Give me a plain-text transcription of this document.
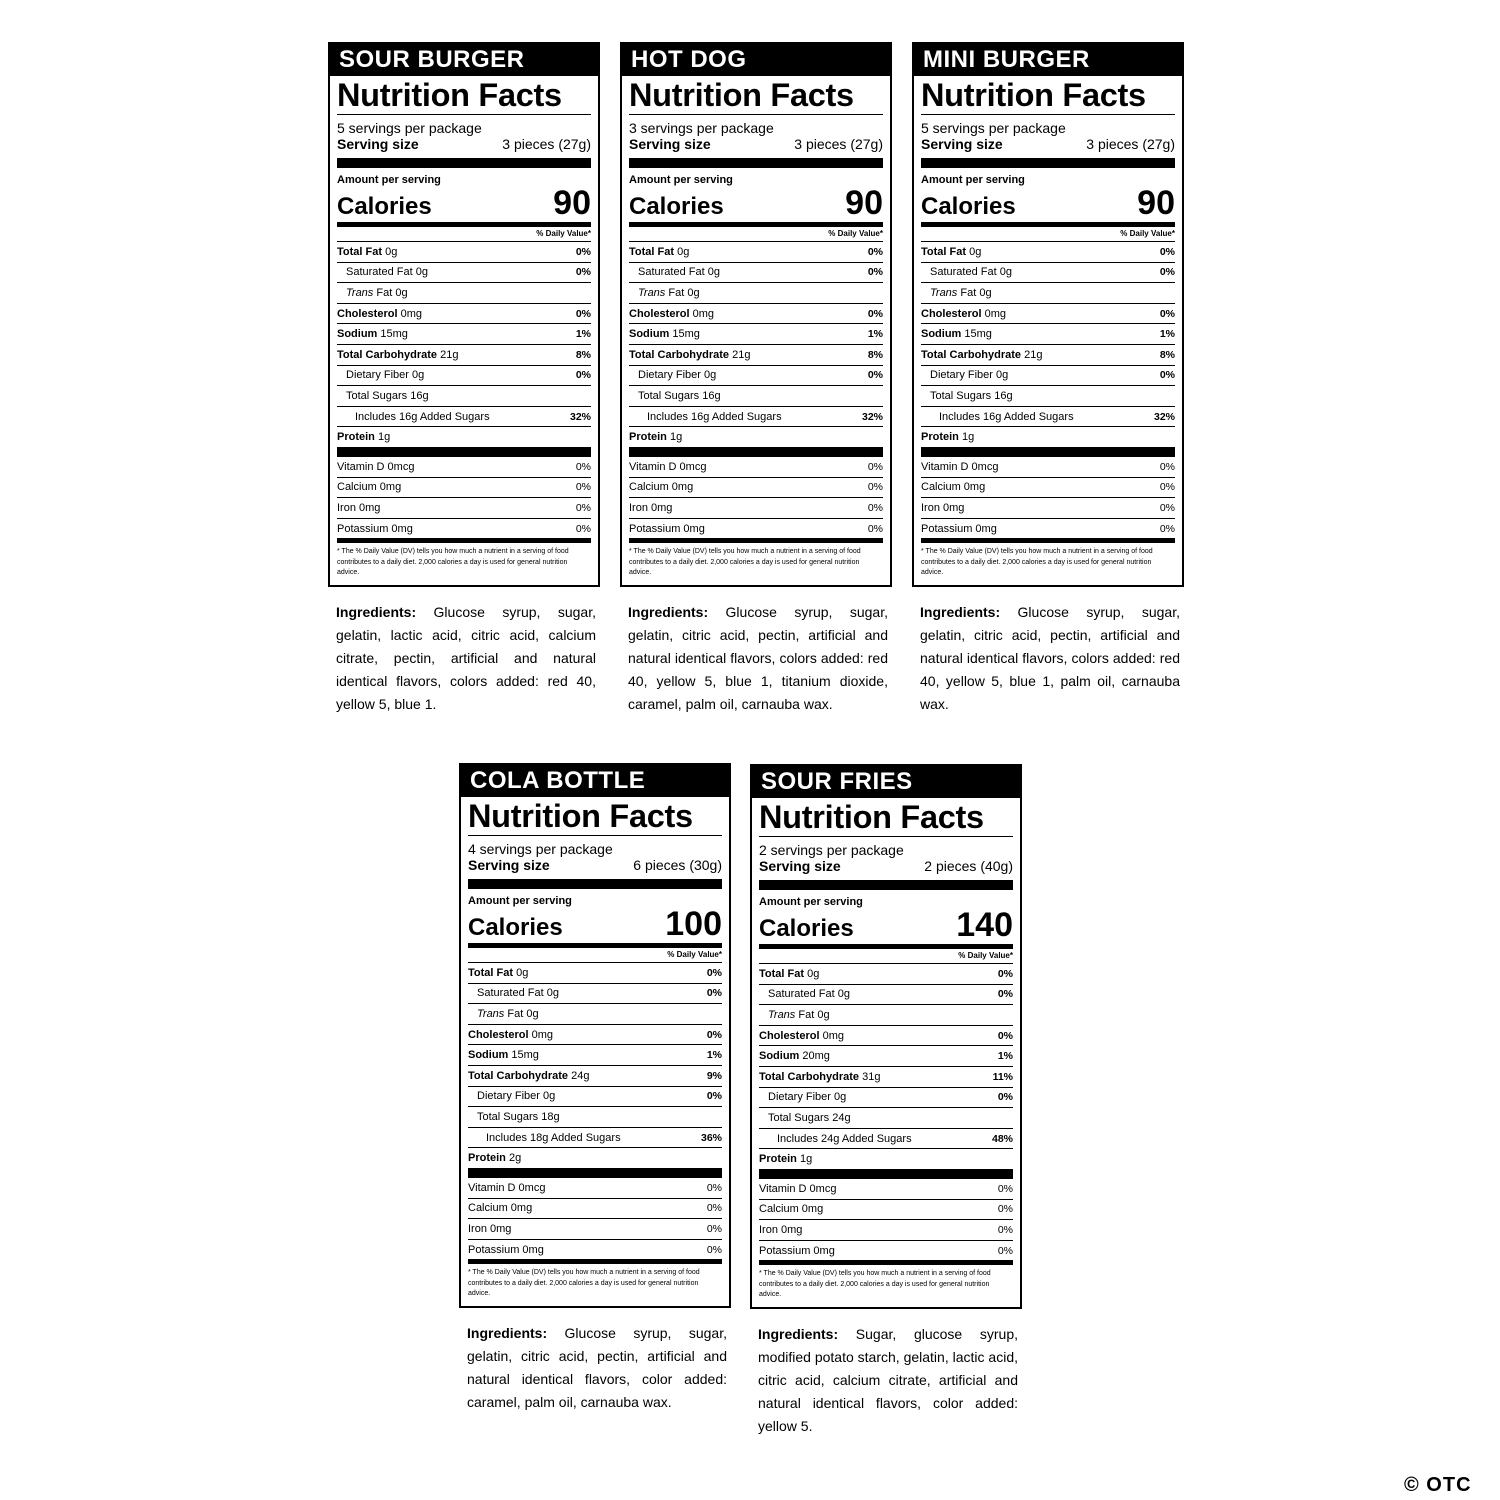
SOUR BURGER
Nutrition Facts
5 servings per package
Serving size	3 pieces (27g)
Amount per serving
Calories	90
% Daily Value*
Total Fat 0g	0%
Saturated Fat 0g	0%
Trans Fat 0g
Cholesterol 0mg	0%
Sodium 15mg	1%
Total Carbohydrate 21g	8%
Dietary Fiber 0g	0%
Total Sugars 16g
Includes 16g Added Sugars	32%
Protein 1g
Vitamin D 0mcg	0%
Calcium 0mg	0%
Iron 0mg	0%
Potassium 0mg	0%
* The % Daily Value (DV) tells you how much a nutrient in a serving of food contributes to a daily diet. 2,000 calories a day is used for general nutrition advice.
Ingredients: Glucose syrup, sugar, gelatin, lactic acid, citric acid, calcium citrate, pectin, artificial and natural identical flavors, colors added: red 40, yellow 5, blue 1.
HOT DOG
Nutrition Facts
3 servings per package
Serving size	3 pieces (27g)
Amount per serving
Calories	90
% Daily Value*
Total Fat 0g	0%
Saturated Fat 0g	0%
Trans Fat 0g
Cholesterol 0mg	0%
Sodium 15mg	1%
Total Carbohydrate 21g	8%
Dietary Fiber 0g	0%
Total Sugars 16g
Includes 16g Added Sugars	32%
Protein 1g
Vitamin D 0mcg	0%
Calcium 0mg	0%
Iron 0mg	0%
Potassium 0mg	0%
* The % Daily Value (DV) tells you how much a nutrient in a serving of food contributes to a daily diet. 2,000 calories a day is used for general nutrition advice.
Ingredients: Glucose syrup, sugar, gelatin, citric acid, pectin, artificial and natural identical flavors, colors added: red 40, yellow 5, blue 1, titanium dioxide, caramel, palm oil, carnauba wax.
MINI BURGER
Nutrition Facts
5 servings per package
Serving size	3 pieces (27g)
Amount per serving
Calories	90
% Daily Value*
Total Fat 0g	0%
Saturated Fat 0g	0%
Trans Fat 0g
Cholesterol 0mg	0%
Sodium 15mg	1%
Total Carbohydrate 21g	8%
Dietary Fiber 0g	0%
Total Sugars 16g
Includes 16g Added Sugars	32%
Protein 1g
Vitamin D 0mcg	0%
Calcium 0mg	0%
Iron 0mg	0%
Potassium 0mg	0%
* The % Daily Value (DV) tells you how much a nutrient in a serving of food contributes to a daily diet. 2,000 calories a day is used for general nutrition advice.
Ingredients: Glucose syrup, sugar, gelatin, citric acid, pectin, artificial and natural identical flavors, colors added: red 40, yellow 5, blue 1, palm oil, carnauba wax.
COLA BOTTLE
Nutrition Facts
4 servings per package
Serving size	6 pieces (30g)
Amount per serving
Calories	100
% Daily Value*
Total Fat 0g	0%
Saturated Fat 0g	0%
Trans Fat 0g
Cholesterol 0mg	0%
Sodium 15mg	1%
Total Carbohydrate 24g	9%
Dietary Fiber 0g	0%
Total Sugars 18g
Includes 18g Added Sugars	36%
Protein 2g
Vitamin D 0mcg	0%
Calcium 0mg	0%
Iron 0mg	0%
Potassium 0mg	0%
* The % Daily Value (DV) tells you how much a nutrient in a serving of food contributes to a daily diet. 2,000 calories a day is used for general nutrition advice.
Ingredients: Glucose syrup, sugar, gelatin, citric acid, pectin, artificial and natural identical flavors, color added: caramel, palm oil, carnauba wax.
SOUR FRIES
Nutrition Facts
2 servings per package
Serving size	2 pieces (40g)
Amount per serving
Calories	140
% Daily Value*
Total Fat 0g	0%
Saturated Fat 0g	0%
Trans Fat 0g
Cholesterol 0mg	0%
Sodium 20mg	1%
Total Carbohydrate 31g	11%
Dietary Fiber 0g	0%
Total Sugars 24g
Includes 24g Added Sugars	48%
Protein 1g
Vitamin D 0mcg	0%
Calcium 0mg	0%
Iron 0mg	0%
Potassium 0mg	0%
* The % Daily Value (DV) tells you how much a nutrient in a serving of food contributes to a daily diet. 2,000 calories a day is used for general nutrition advice.
Ingredients: Sugar, glucose syrup, modified potato starch, gelatin, lactic acid, citric acid, calcium citrate, artificial and natural identical flavors, color added: yellow 5.
© OTC
